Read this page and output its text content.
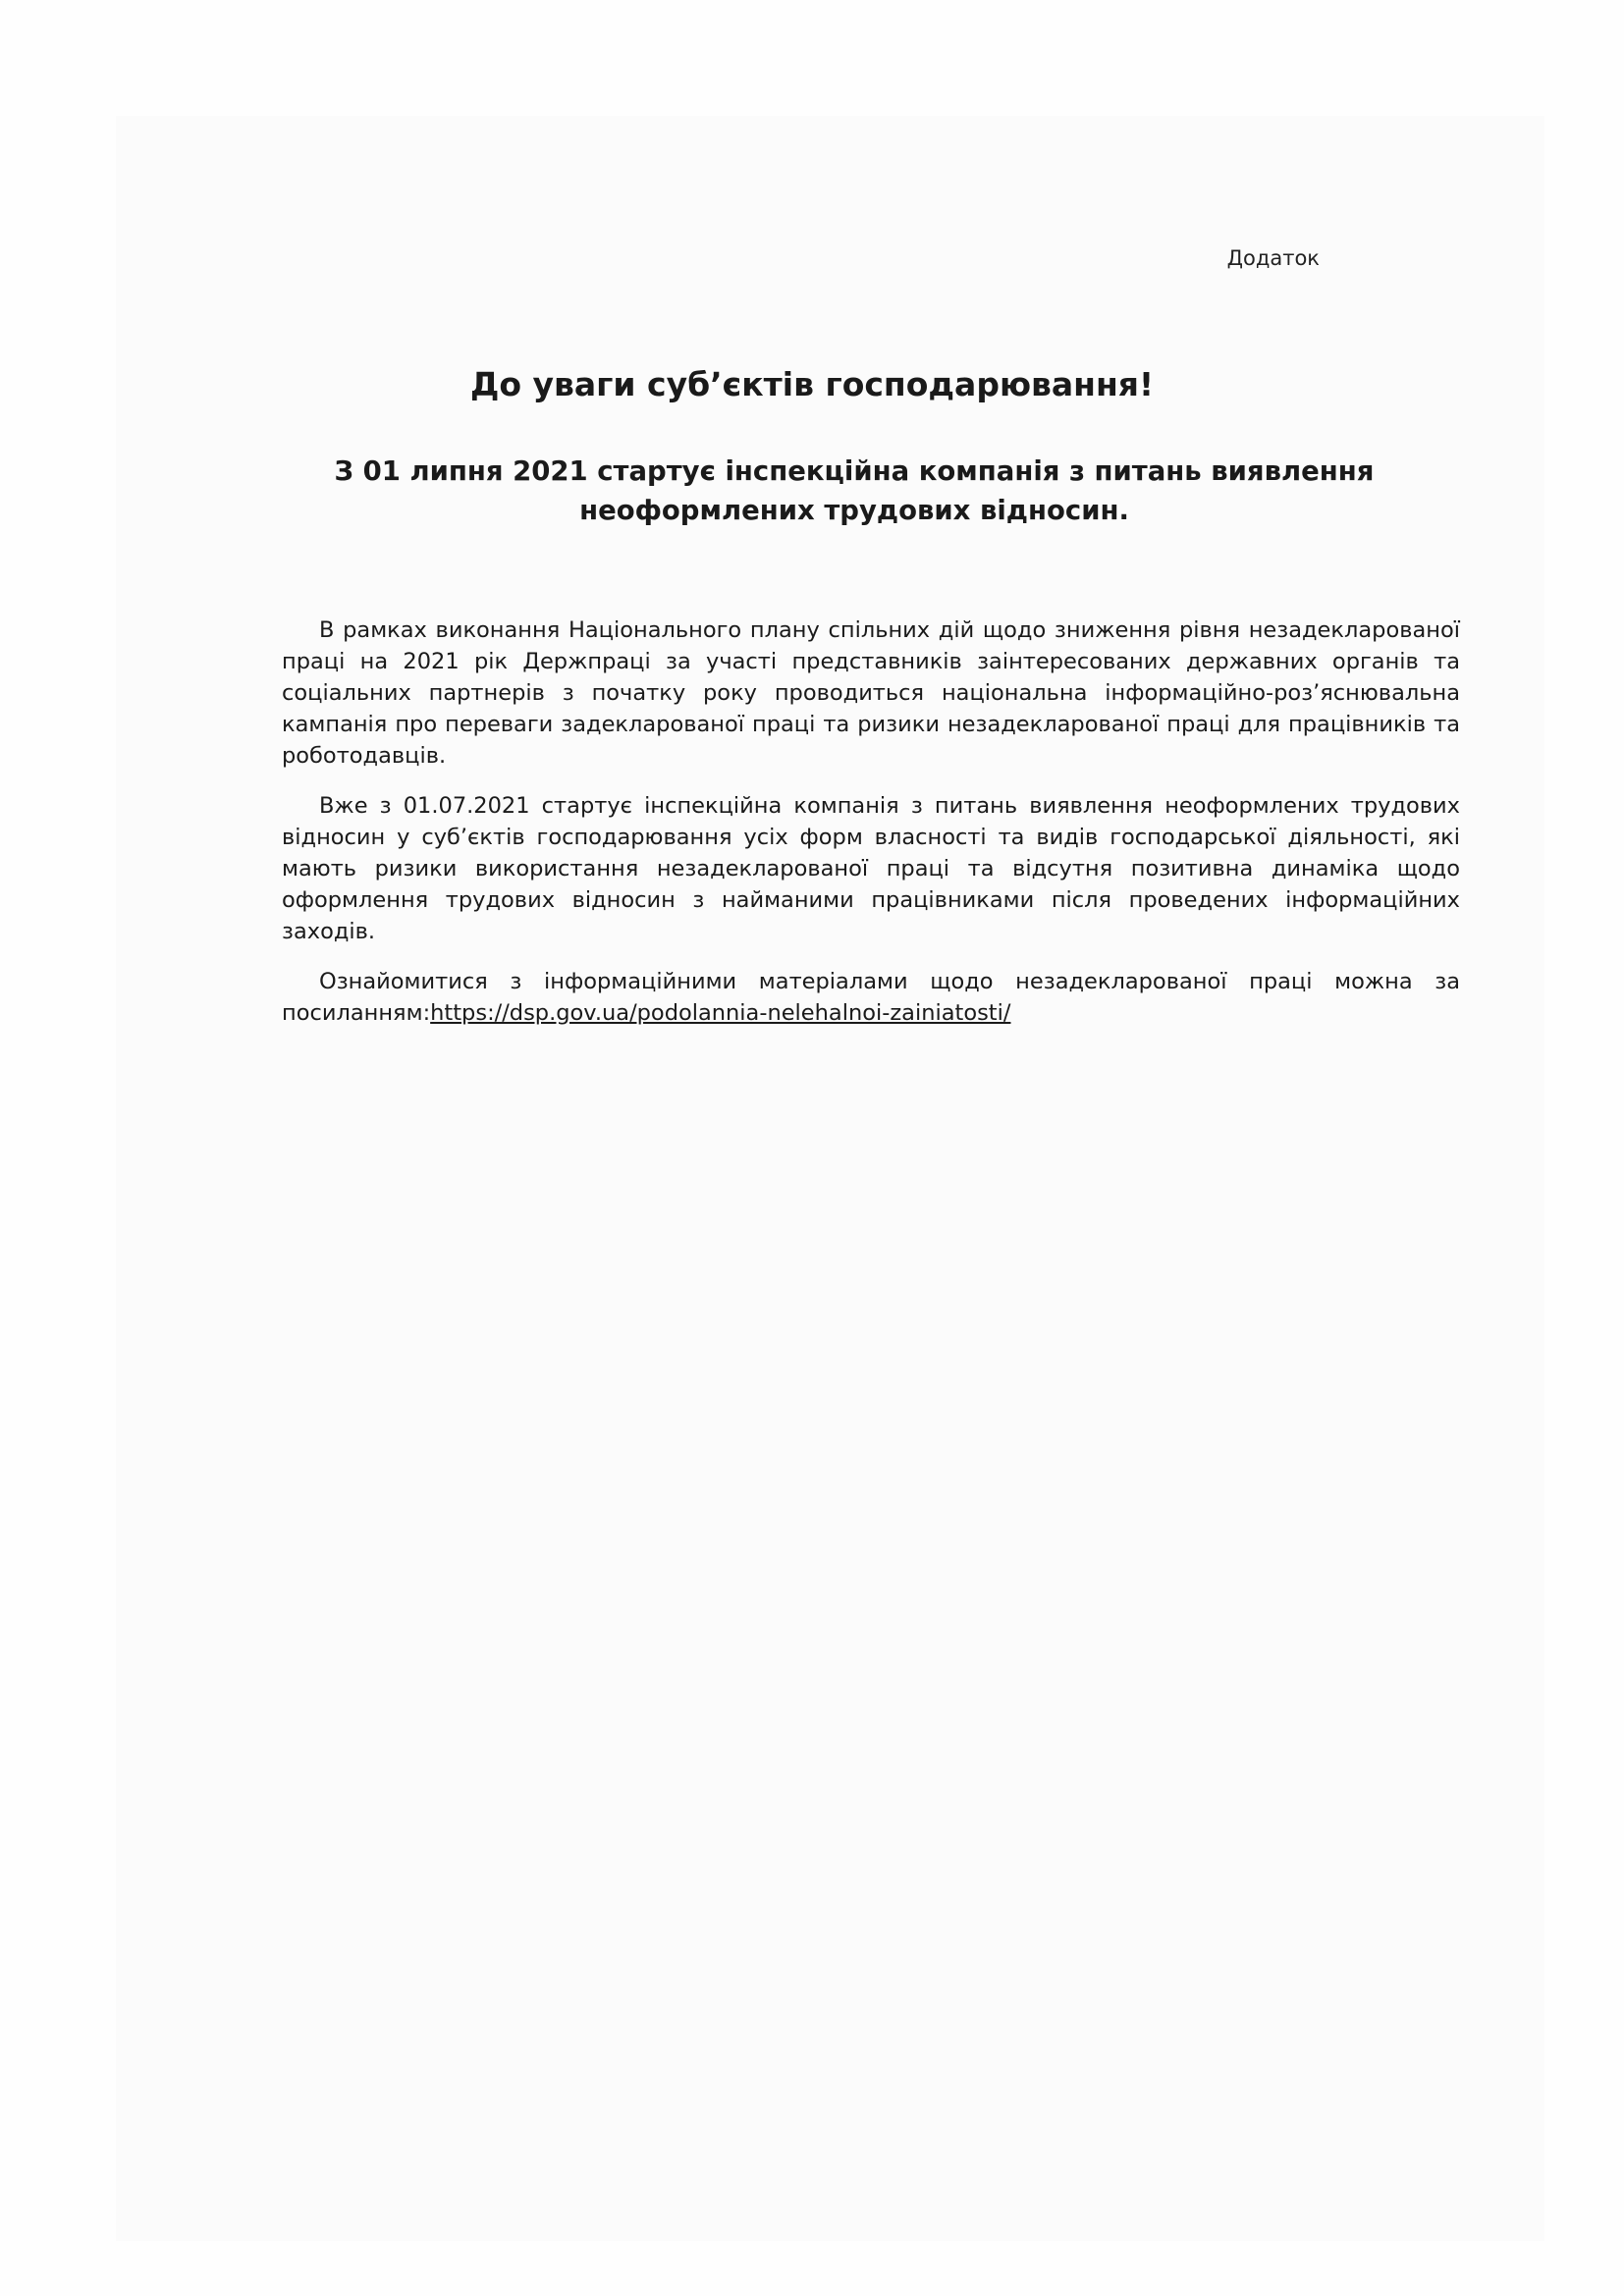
Додаток
До уваги суб’єктів господарювання!
З 01 липня 2021 стартує інспекційна компанія з питань виявлення
неоформлених трудових відносин.

В рамках виконання Національного плану спільних дій щодо зниження рівня незадекларованої праці на 2021 рік Держпраці за участі представників заінтересованих державних органів та соціальних партнерів з початку року проводиться національна інформаційно-роз’яснювальна кампанія про переваги задекларованої праці та ризики незадекларованої праці для працівників та роботодавців.

Вже з 01.07.2021 стартує інспекційна компанія з питань виявлення неоформлених трудових відносин у суб’єктів господарювання усіх форм власності та видів господарської діяльності, які мають ризики використання незадекларованої праці та відсутня позитивна динаміка щодо оформлення трудових відносин з найманими працівниками після проведених інформаційних заходів.

Ознайомитися з інформаційними матеріалами щодо незадекларованої праці можна за посиланням:https://dsp.gov.ua/podolannia-nelehalnoi-zainiatosti/
